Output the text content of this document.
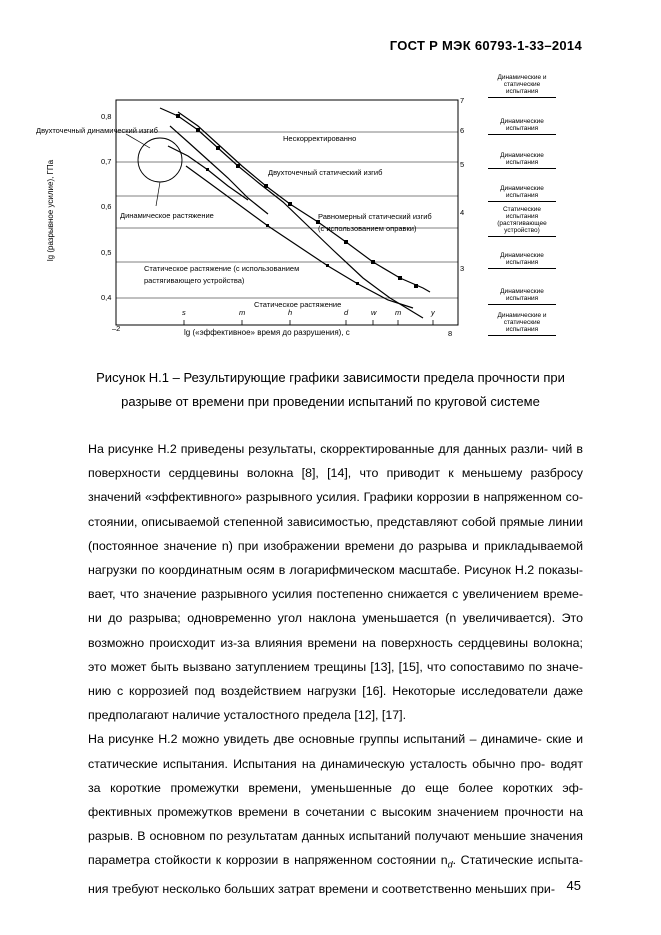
ГОСТ Р МЭК 60793-1-33–2014
0,8
0,7
0,6
0,5
0,4
7
6
5
4
3
lg (разрывное усилие), ГПа
–2
8
lg («эффективное» время до разрушения), с
s	m	h	d	w m	y
Двухточечный динамический изгиб
Нескорректированно
Двухточечный статический изгиб
Равномерный статический изгиб
(с использованием оправки)
Динамическое растяжение
Статическое растяжение (с использованием
растягивающего устройства)
Статическое растяжение
Динамические и статические испытания
Динамические испытания
Динамические испытания
Динамические испытания
Статические испытания (растягивающее устройство)
Динамические испытания
Динамические испытания
Динамические и статические испытания
Рисунок Н.1 – Результирующие графики зависимости предела прочности при
разрыве от времени при проведении испытаний по круговой системе

На рисунке Н.2 приведены результаты, скорректированные для данных разли- чий в поверхности сердцевины волокна [8], [14], что приводит к меньшему разбросу значений «эффективного» разрывного усилия. Графики коррозии в напряженном со- стоянии, описываемой степенной зависимостью, представляют собой прямые линии (постоянное значение n) при изображении времени до разрыва и прикладываемой нагрузки по координатным осям в логарифмическом масштабе. Рисунок Н.2 показы- вает, что значение разрывного усилия постепенно снижается с увеличением време- ни до разрыва; одновременно угол наклона уменьшается (n увеличивается). Это возможно происходит из-за влияния времени на поверхность сердцевины волокна; это может быть вызвано затуплением трещины [13], [15], что сопоставимо по значе- нию с коррозией под воздействием нагрузки [16]. Некоторые исследователи даже предполагают наличие усталостного предела [12], [17].

На рисунке Н.2 можно увидеть две основные группы испытаний – динамиче- ские и статические испытания. Испытания на динамическую усталость обычно про- водят за короткие промежутки времени, уменьшенные до еще более коротких эф- фективных промежутков времени в сочетании с высоким значением прочности на разрыв. В основном по результатам данных испытаний получают меньшие значения параметра стойкости к коррозии в напряженном состоянии $n_d$. Статические испыта- ния требуют несколько больших затрат времени и соответственно меньших при- 45
